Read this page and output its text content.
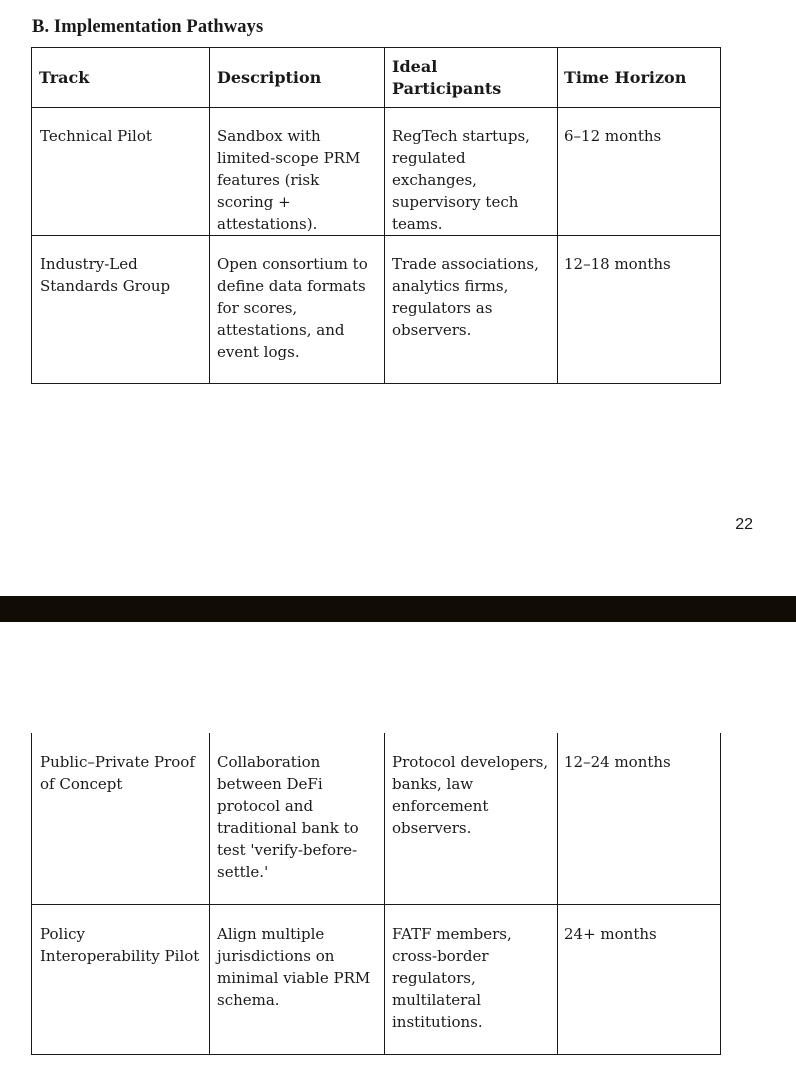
B. Implementation Pathways
Track	Description	Ideal Participants	Time Horizon
Technical Pilot	Sandbox with limited-scope PRM features (risk scoring + attestations).	RegTech startups, regulated exchanges, supervisory tech teams.	6–12 months
Industry-Led Standards Group	Open consortium to define data formats for scores, attestations, and event logs.	Trade associations, analytics firms, regulators as observers.	12–18 months
22
Public–Private Proof of Concept	Collaboration between DeFi protocol and traditional bank to test 'verify-before-settle.'	Protocol developers, banks, law enforcement observers.	12–24 months
Policy Interoperability Pilot	Align multiple jurisdictions on minimal viable PRM schema.	FATF members, cross-border regulators, multilateral institutions.	24+ months
